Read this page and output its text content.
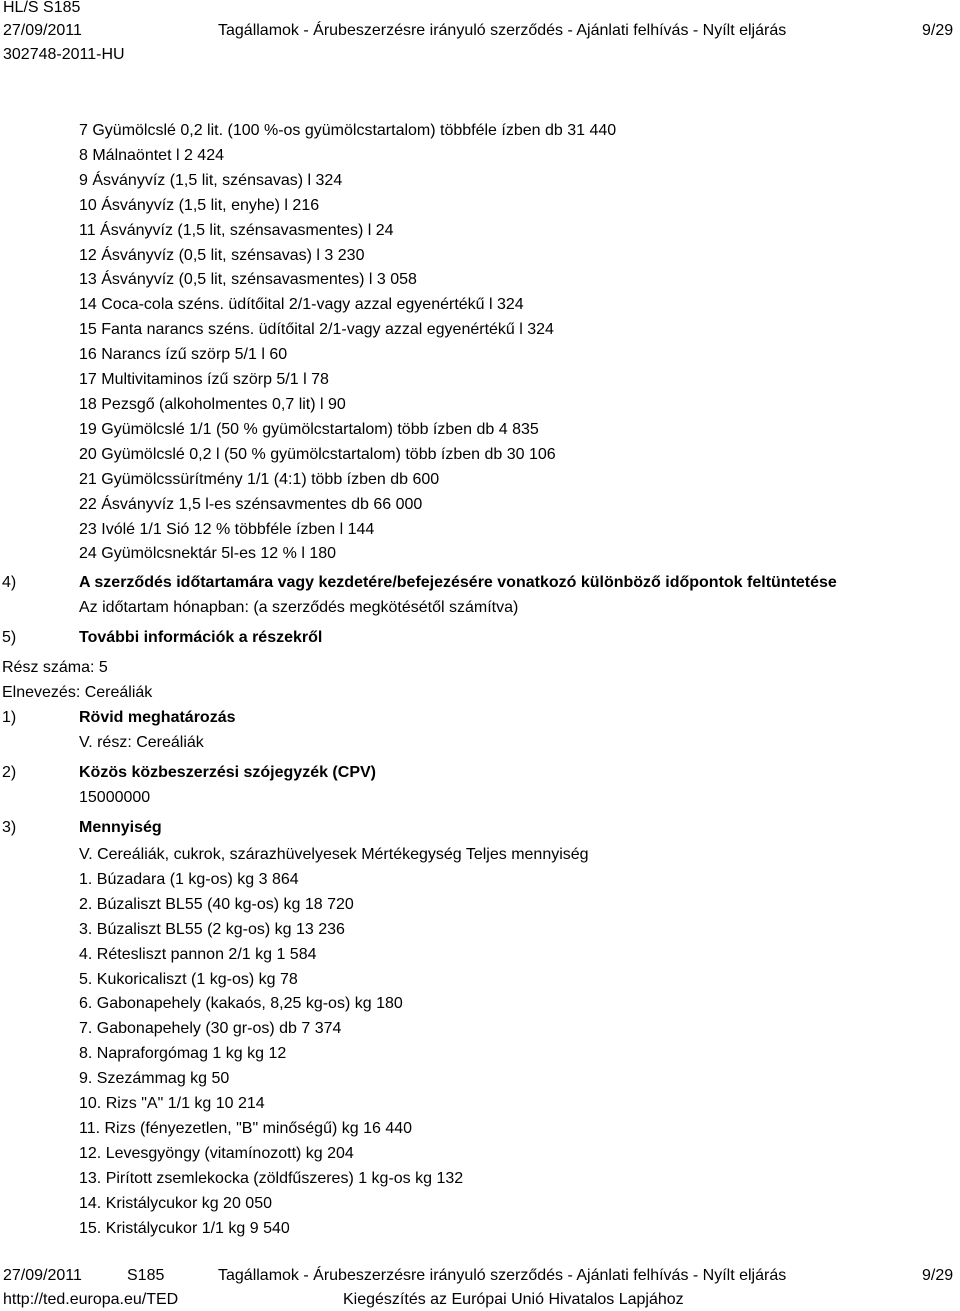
HL/S S185
27/09/2011
302748-2011-HU
Tagállamok - Árubeszerzésre irányuló szerződés - Ajánlati felhívás - Nyílt eljárás	9/29
7 Gyümölcslé 0,2 lit. (100 %-os gyümölcstartalom) többféle ízben db 31 440
8 Málnaöntet l 2 424
9 Ásványvíz (1,5 lit, szénsavas) l 324
10 Ásványvíz (1,5 lit, enyhe) l 216
11 Ásványvíz (1,5 lit, szénsavasmentes) l 24
12 Ásványvíz (0,5 lit, szénsavas) l 3 230
13 Ásványvíz (0,5 lit, szénsavasmentes) l 3 058
14 Coca-cola széns. üdítőital 2/1-vagy azzal egyenértékű l 324
15 Fanta narancs széns. üdítőital 2/1-vagy azzal egyenértékű l 324
16 Narancs ízű szörp 5/1 l 60
17 Multivitaminos ízű szörp 5/1 l 78
18 Pezsgő (alkoholmentes 0,7 lit) l 90
19 Gyümölcslé 1/1 (50 % gyümölcstartalom) több ízben db 4 835
20 Gyümölcslé 0,2 l (50 % gyümölcstartalom) több ízben db 30 106
21 Gyümölcssürítmény 1/1 (4:1) több ízben db 600
22 Ásványvíz 1,5 l-es szénsavmentes db 66 000
23 Ivólé 1/1 Sió 12 % többféle ízben l 144
24 Gyümölcsnektár 5l-es 12 % l 180
4)	A szerződés időtartamára vagy kezdetére/befejezésére vonatkozó különböző időpontok feltüntetése
Az időtartam hónapban: (a szerződés megkötésétől számítva)
5)	További információk a részekről
Rész száma: 5
Elnevezés: Cereáliák
1)	Rövid meghatározás
V. rész: Cereáliák
2)	Közös közbeszerzési szójegyzék (CPV)
15000000
3)	Mennyiség
V. Cereáliák, cukrok, szárazhüvelyesek Mértékegység Teljes mennyiség
1. Búzadara (1 kg-os) kg 3 864
2. Búzaliszt BL55 (40 kg-os) kg 18 720
3. Búzaliszt BL55 (2 kg-os) kg 13 236
4. Rétesliszt pannon 2/1 kg 1 584
5. Kukoricaliszt (1 kg-os) kg 78
6. Gabonapehely (kakaós, 8,25 kg-os) kg 180
7. Gabonapehely (30 gr-os) db 7 374
8. Napraforgómag 1 kg kg 12
9. Szezámmag kg 50
10. Rizs "A" 1/1 kg 10 214
11. Rizs (fényezetlen, "B" minőségű) kg 16 440
12. Levesgyöngy (vitamínozott) kg 204
13. Pirított zsemlekocka (zöldfűszeres) 1 kg-os kg 132
14. Kristálycukor kg 20 050
15. Kristálycukor 1/1 kg 9 540
27/09/2011	S185	Tagállamok - Árubeszerzésre irányuló szerződés - Ajánlati felhívás - Nyílt eljárás	9/29
http://ted.europa.eu/TED	Kiegészítés az Európai Unió Hivatalos Lapjához
